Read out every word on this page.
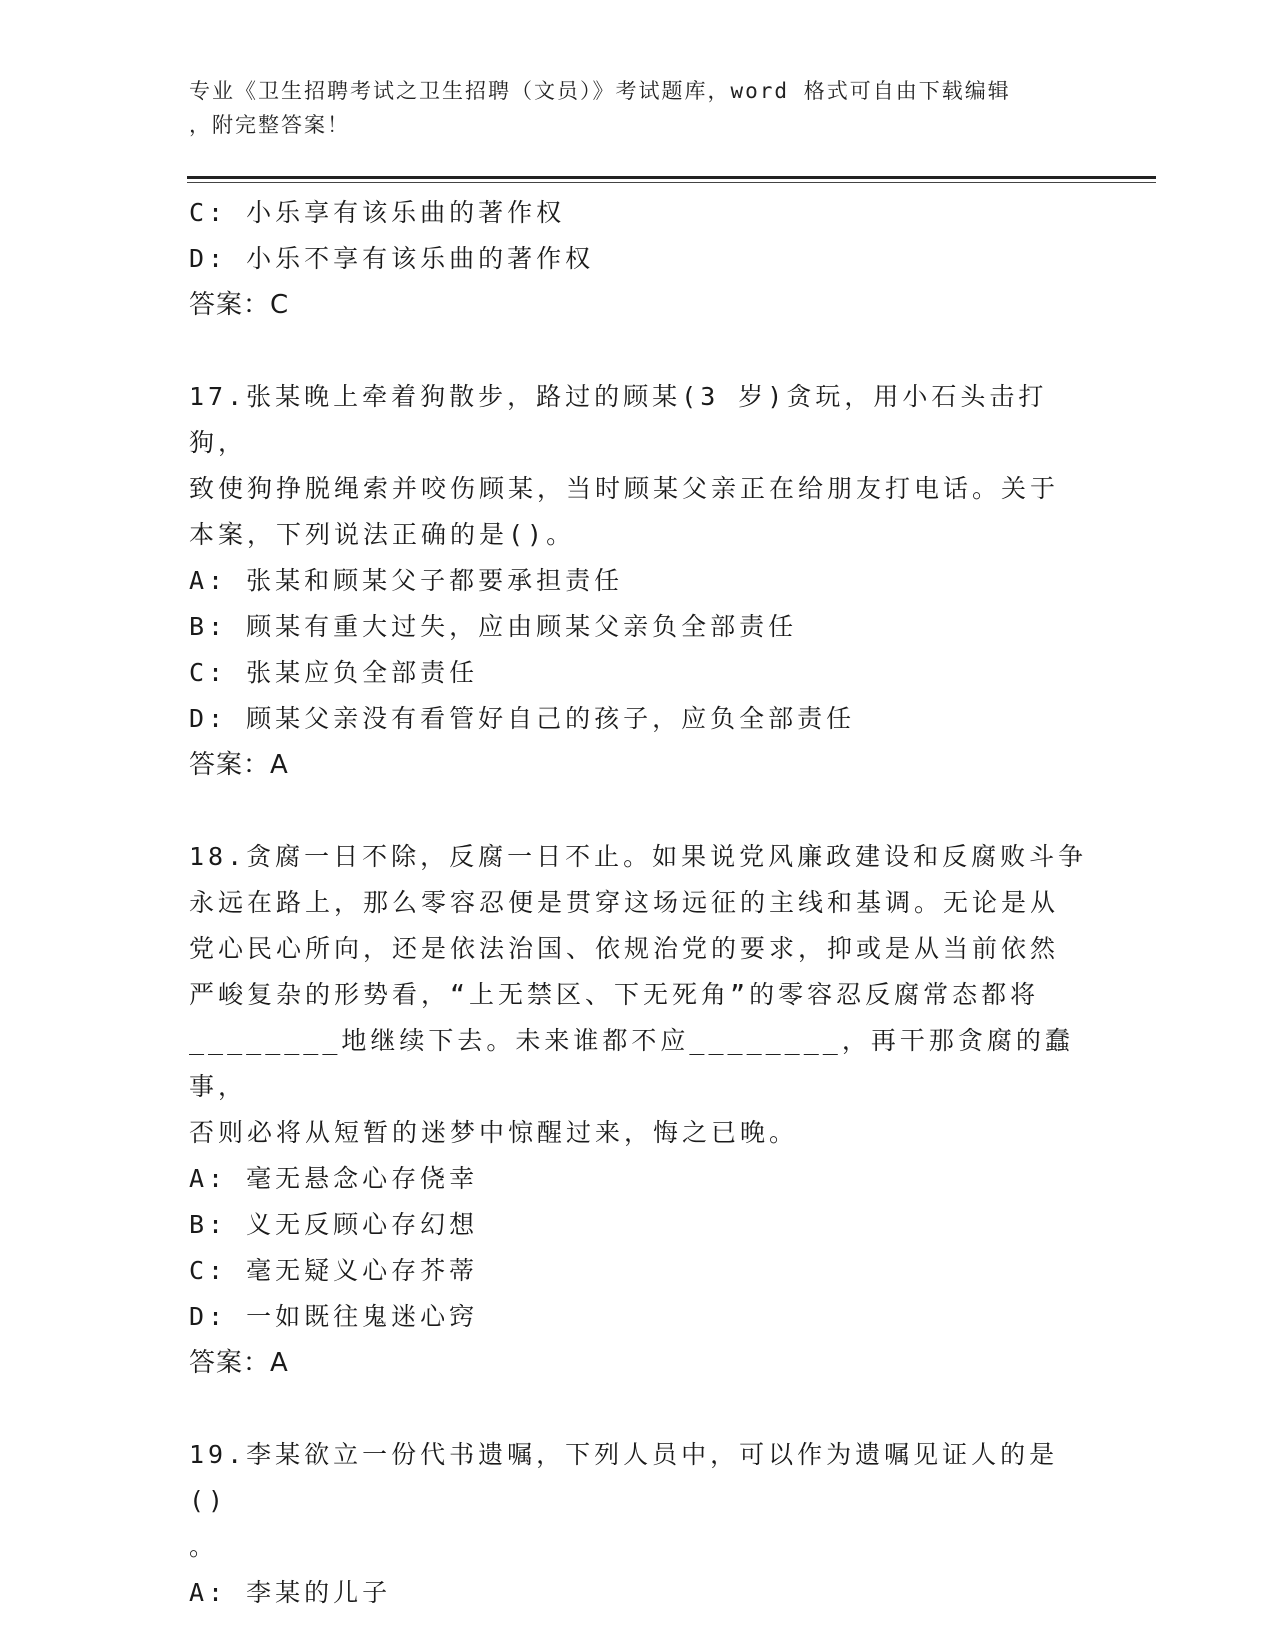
专业《卫生招聘考试之卫生招聘（文员）》考试题库，word 格式可自由下载编辑
，附完整答案！
C: 小乐享有该乐曲的著作权
D: 小乐不享有该乐曲的著作权
答案：C
17.张某晚上牵着狗散步，路过的顾某(3 岁)贪玩，用小石头击打狗，
致使狗挣脱绳索并咬伤顾某，当时顾某父亲正在给朋友打电话。关于
本案，下列说法正确的是()。
A: 张某和顾某父子都要承担责任
B: 顾某有重大过失，应由顾某父亲负全部责任
C: 张某应负全部责任
D: 顾某父亲没有看管好自己的孩子，应负全部责任
答案：A
18.贪腐一日不除，反腐一日不止。如果说党风廉政建设和反腐败斗争
永远在路上，那么零容忍便是贯穿这场远征的主线和基调。无论是从
党心民心所向，还是依法治国、依规治党的要求，抑或是从当前依然
严峻复杂的形势看，“上无禁区、下无死角”的零容忍反腐常态都将
________地继续下去。未来谁都不应________，再干那贪腐的蠢事，
否则必将从短暂的迷梦中惊醒过来，悔之已晚。
A: 毫无悬念心存侥幸
B: 义无反顾心存幻想
C: 毫无疑义心存芥蒂
D: 一如既往鬼迷心窍
答案：A
19.李某欲立一份代书遗嘱，下列人员中，可以作为遗嘱见证人的是()
。
A: 李某的儿子
